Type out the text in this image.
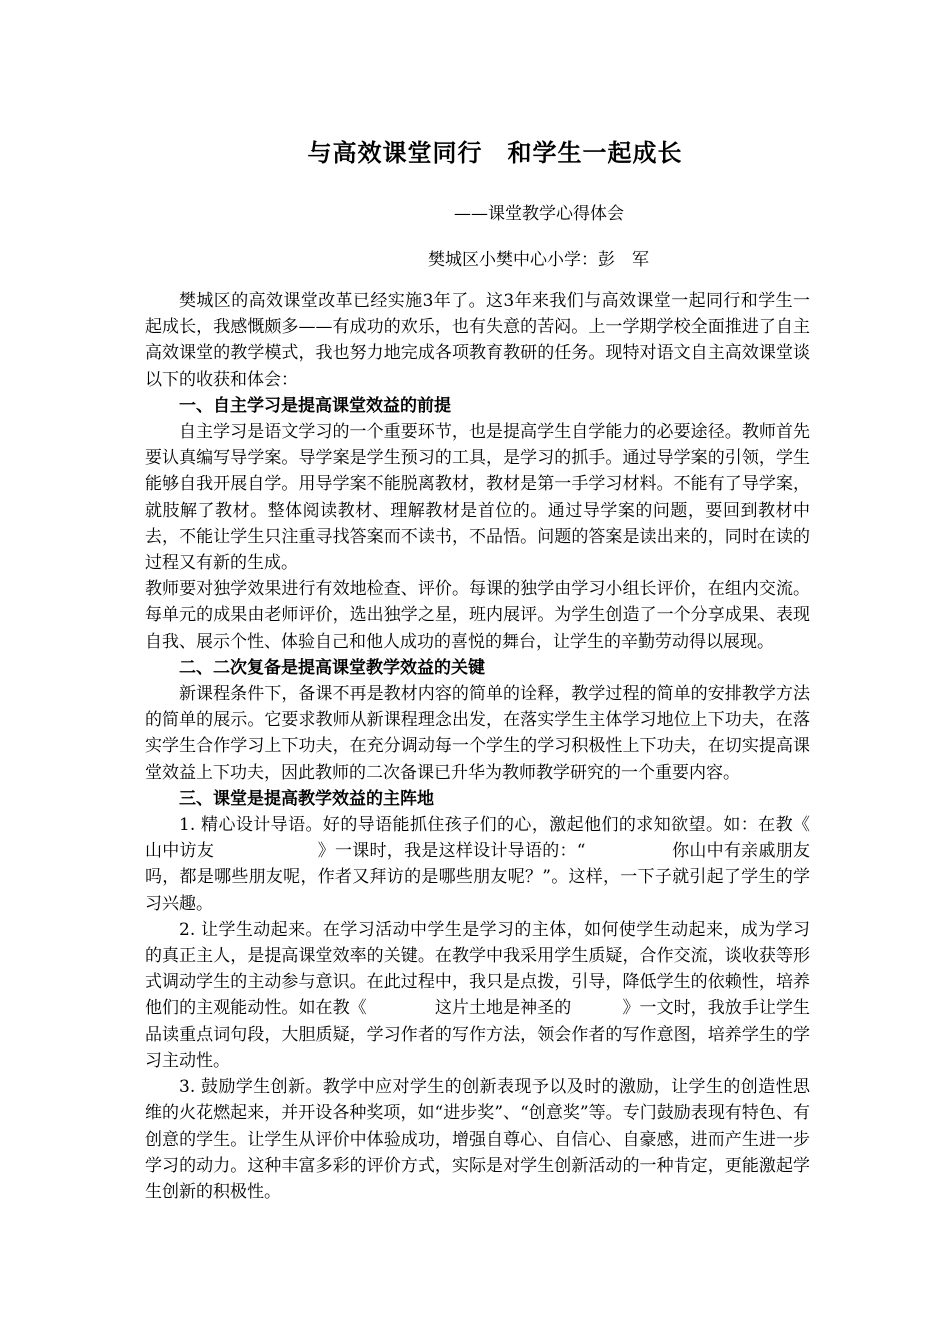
与高效课堂同行　和学生一起成长
——课堂教学心得体会
樊城区小樊中心小学：彭　军

樊城区的高效课堂改革已经实施3年了。这3年来我们与高效课堂一起同行和学生一起成长，我感慨颇多——有成功的欢乐，也有失意的苦闷。上一学期学校全面推进了自主高效课堂的教学模式，我也努力地完成各项教育教研的任务。现特对语文自主高效课堂谈以下的收获和体会：

一、自主学习是提高课堂效益的前提

自主学习是语文学习的一个重要环节，也是提高学生自学能力的必要途径。教师首先要认真编写导学案。导学案是学生预习的工具，是学习的抓手。通过导学案的引领，学生能够自我开展自学。用导学案不能脱离教材，教材是第一手学习材料。不能有了导学案，就肢解了教材。整体阅读教材、理解教材是首位的。通过导学案的问题，要回到教材中去，不能让学生只注重寻找答案而不读书，不品悟。问题的答案是读出来的，同时在读的过程又有新的生成。

教师要对独学效果进行有效地检查、评价。每课的独学由学习小组长评价，在组内交流。每单元的成果由老师评价，选出独学之星，班内展评。为学生创造了一个分享成果、表现自我、展示个性、体验自己和他人成功的喜悦的舞台，让学生的辛勤劳动得以展现。

二、二次复备是提高课堂教学效益的关键

新课程条件下，备课不再是教材内容的简单的诠释，教学过程的简单的安排教学方法的简单的展示。它要求教师从新课程理念出发，在落实学生主体学习地位上下功夫，在落实学生合作学习上下功夫，在充分调动每一个学生的学习积极性上下功夫，在切实提高课堂效益上下功夫，因此教师的二次备课已升华为教师教学研究的一个重要内容。

三、课堂是提高教学效益的主阵地

1. 精心设计导语。好的导语能抓住孩子们的心，激起他们的求知欲望。如：在教《　　　　山中访友　　　　　　》一课时，我是这样设计导语的：“　　　　　你山中有亲戚朋友吗，都是哪些朋友呢，作者又拜访的是哪些朋友呢？”。这样，一下子就引起了学生的学习兴趣。

2. 让学生动起来。在学习活动中学生是学习的主体，如何使学生动起来，成为学习的真正主人，是提高课堂效率的关键。在教学中我采用学生质疑，合作交流，谈收获等形式调动学生的主动参与意识。在此过程中，我只是点拨，引导，降低学生的依赖性，培养他们的主观能动性。如在教《　　　　这片土地是神圣的　　　》一文时，我放手让学生品读重点词句段，大胆质疑，学习作者的写作方法，领会作者的写作意图，培养学生的学习主动性。

3. 鼓励学生创新。教学中应对学生的创新表现予以及时的激励，让学生的创造性思维的火花燃起来，并开设各种奖项，如“进步奖”、“创意奖”等。专门鼓励表现有特色、有创意的学生。让学生从评价中体验成功，增强自尊心、自信心、自豪感，进而产生进一步学习的动力。这种丰富多彩的评价方式，实际是对学生创新活动的一种肯定，更能激起学生创新的积极性。
